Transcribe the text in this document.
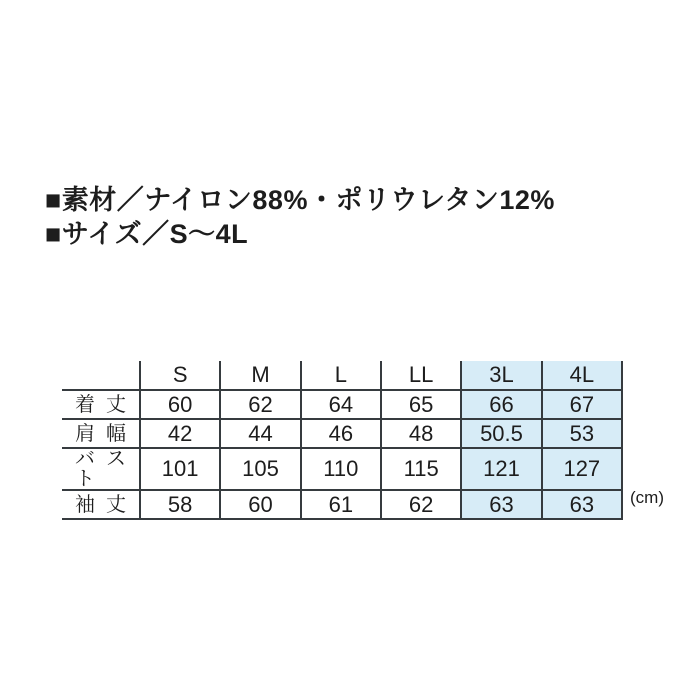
■素材／ナイロン88%・ポリウレタン12%
■サイズ／S〜4L
	S	M	L	LL	3L	4L
着丈	60	62	64	65	66	67
肩幅	42	44	46	48	50.5	53
バスト	101	105	110	115	121	127
袖丈	58	60	61	62	63	63 (cm)
